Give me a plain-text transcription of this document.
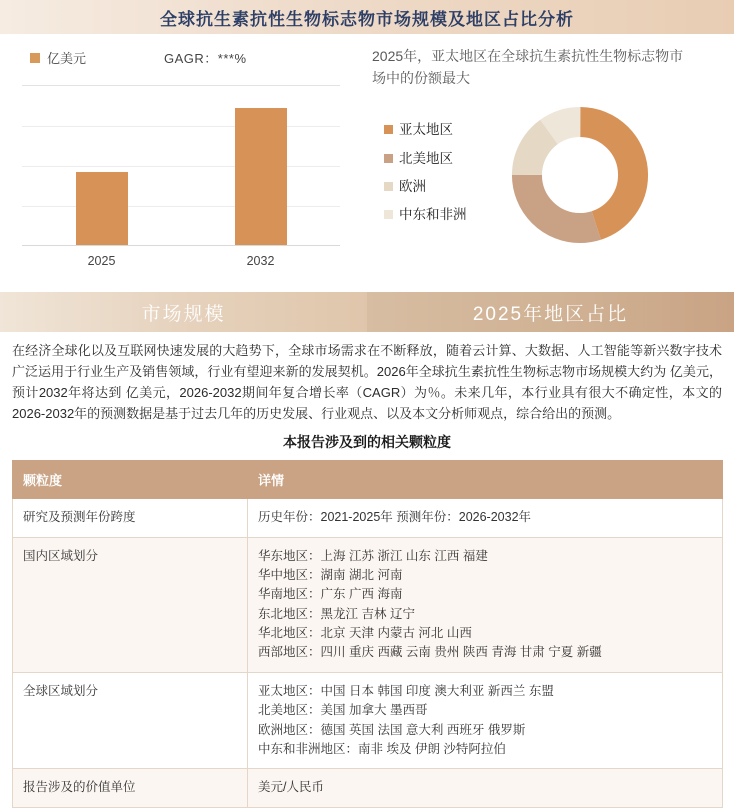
全球抗生素抗性生物标志物市场规模及地区占比分析
亿美元	GAGR：***%
2025	2032
2025年，亚太地区在全球抗生素抗性生物标志物市场中的份额最大
亚太地区
北美地区
欧洲
中东和非洲
市场规模	2025年地区占比
在经济全球化以及互联网快速发展的大趋势下，全球市场需求在不断释放，随着云计算、大数据、人工智能等新兴数字技术广泛运用于行业生产及销售领域，行业有望迎来新的发展契机。2026年全球抗生素抗性生物标志物市场规模大约为 亿美元，预计2032年将达到 亿美元，2026-2032期间年复合增长率（CAGR）为％。未来几年，本行业具有很大不确定性，本文的2026-2032年的预测数据是基于过去几年的历史发展、行业观点、以及本文分析师观点，综合给出的预测。
本报告涉及到的相关颗粒度
颗粒度	详情
研究及预测年份跨度	历史年份：2021-2025年 预测年份：2026-2032年

国内区域划分	华东地区：上海 江苏 浙江 山东 江西 福建
华中地区：湖南 湖北 河南
华南地区：广东 广西 海南
东北地区：黑龙江 吉林 辽宁
华北地区：北京 天津 内蒙古 河北 山西
西部地区：四川 重庆 西藏 云南 贵州 陕西 青海 甘肃 宁夏 新疆

全球区域划分	亚太地区：中国 日本 韩国 印度 澳大利亚 新西兰 东盟
北美地区：美国 加拿大 墨西哥
欧洲地区：德国 英国 法国 意大利 西班牙 俄罗斯
中东和非洲地区：南非 埃及 伊朗 沙特阿拉伯

报告涉及的价值单位	美元/人民币
